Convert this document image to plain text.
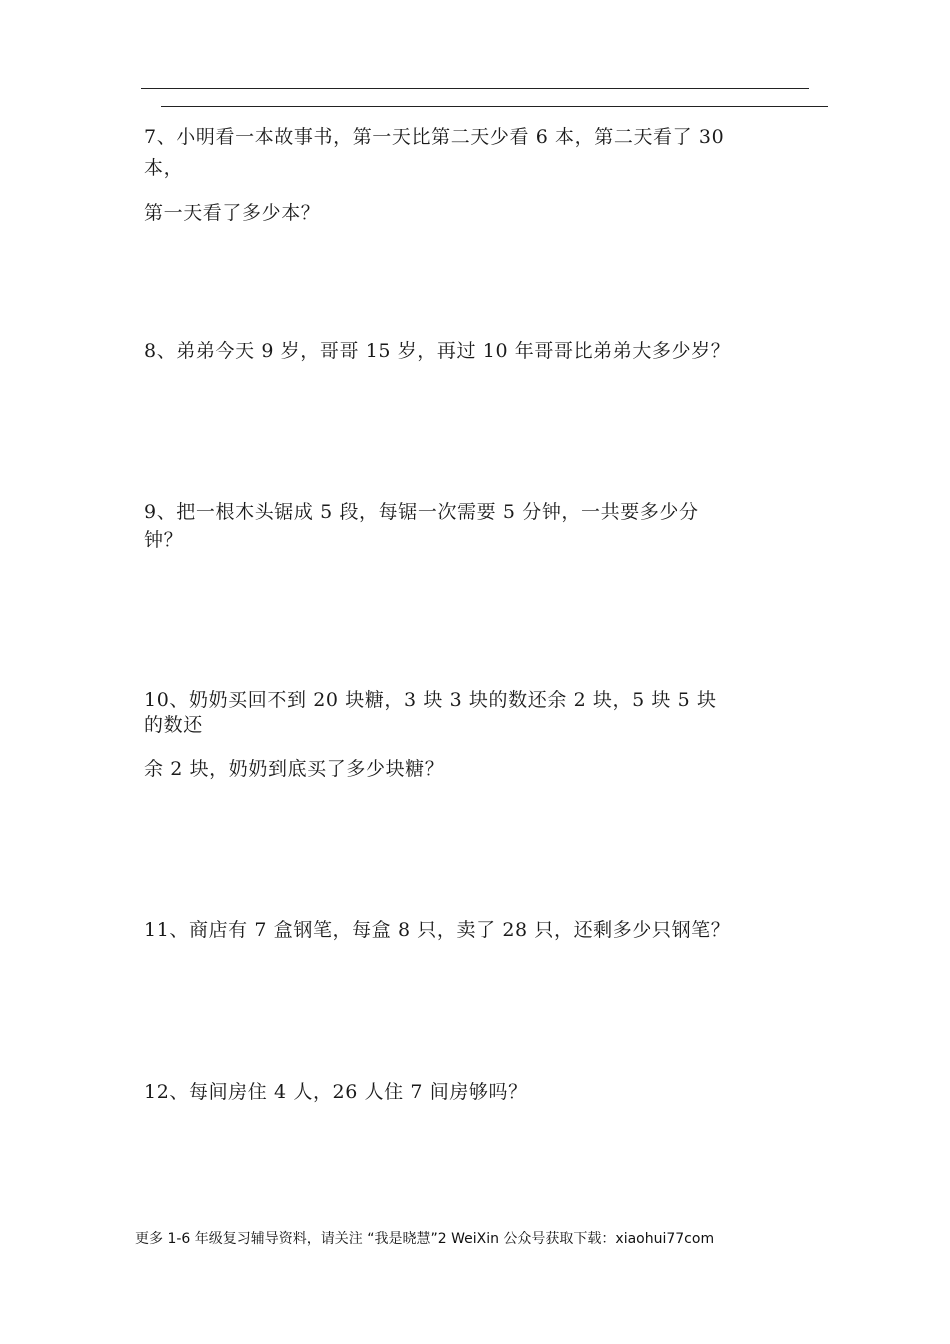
7、小明看一本故事书，第一天比第二天少看 6 本，第二天看了 30
本，
第一天看了多少本？
8、弟弟今天 9 岁，哥哥 15 岁，再过 10 年哥哥比弟弟大多少岁？
9、把一根木头锯成 5 段，每锯一次需要 5 分钟，一共要多少分
钟？
10、奶奶买回不到 20 块糖，3 块 3 块的数还余 2 块，5 块 5 块
的数还
余 2 块，奶奶到底买了多少块糖？
11、商店有 7 盒钢笔，每盒 8 只，卖了 28 只，还剩多少只钢笔？
12、每间房住 4 人，26 人住 7 间房够吗？
更多 1-6 年级复习辅导资料，请关注 “我是晓慧”2 WeiXin 公众号获取下载：xiaohui77com
